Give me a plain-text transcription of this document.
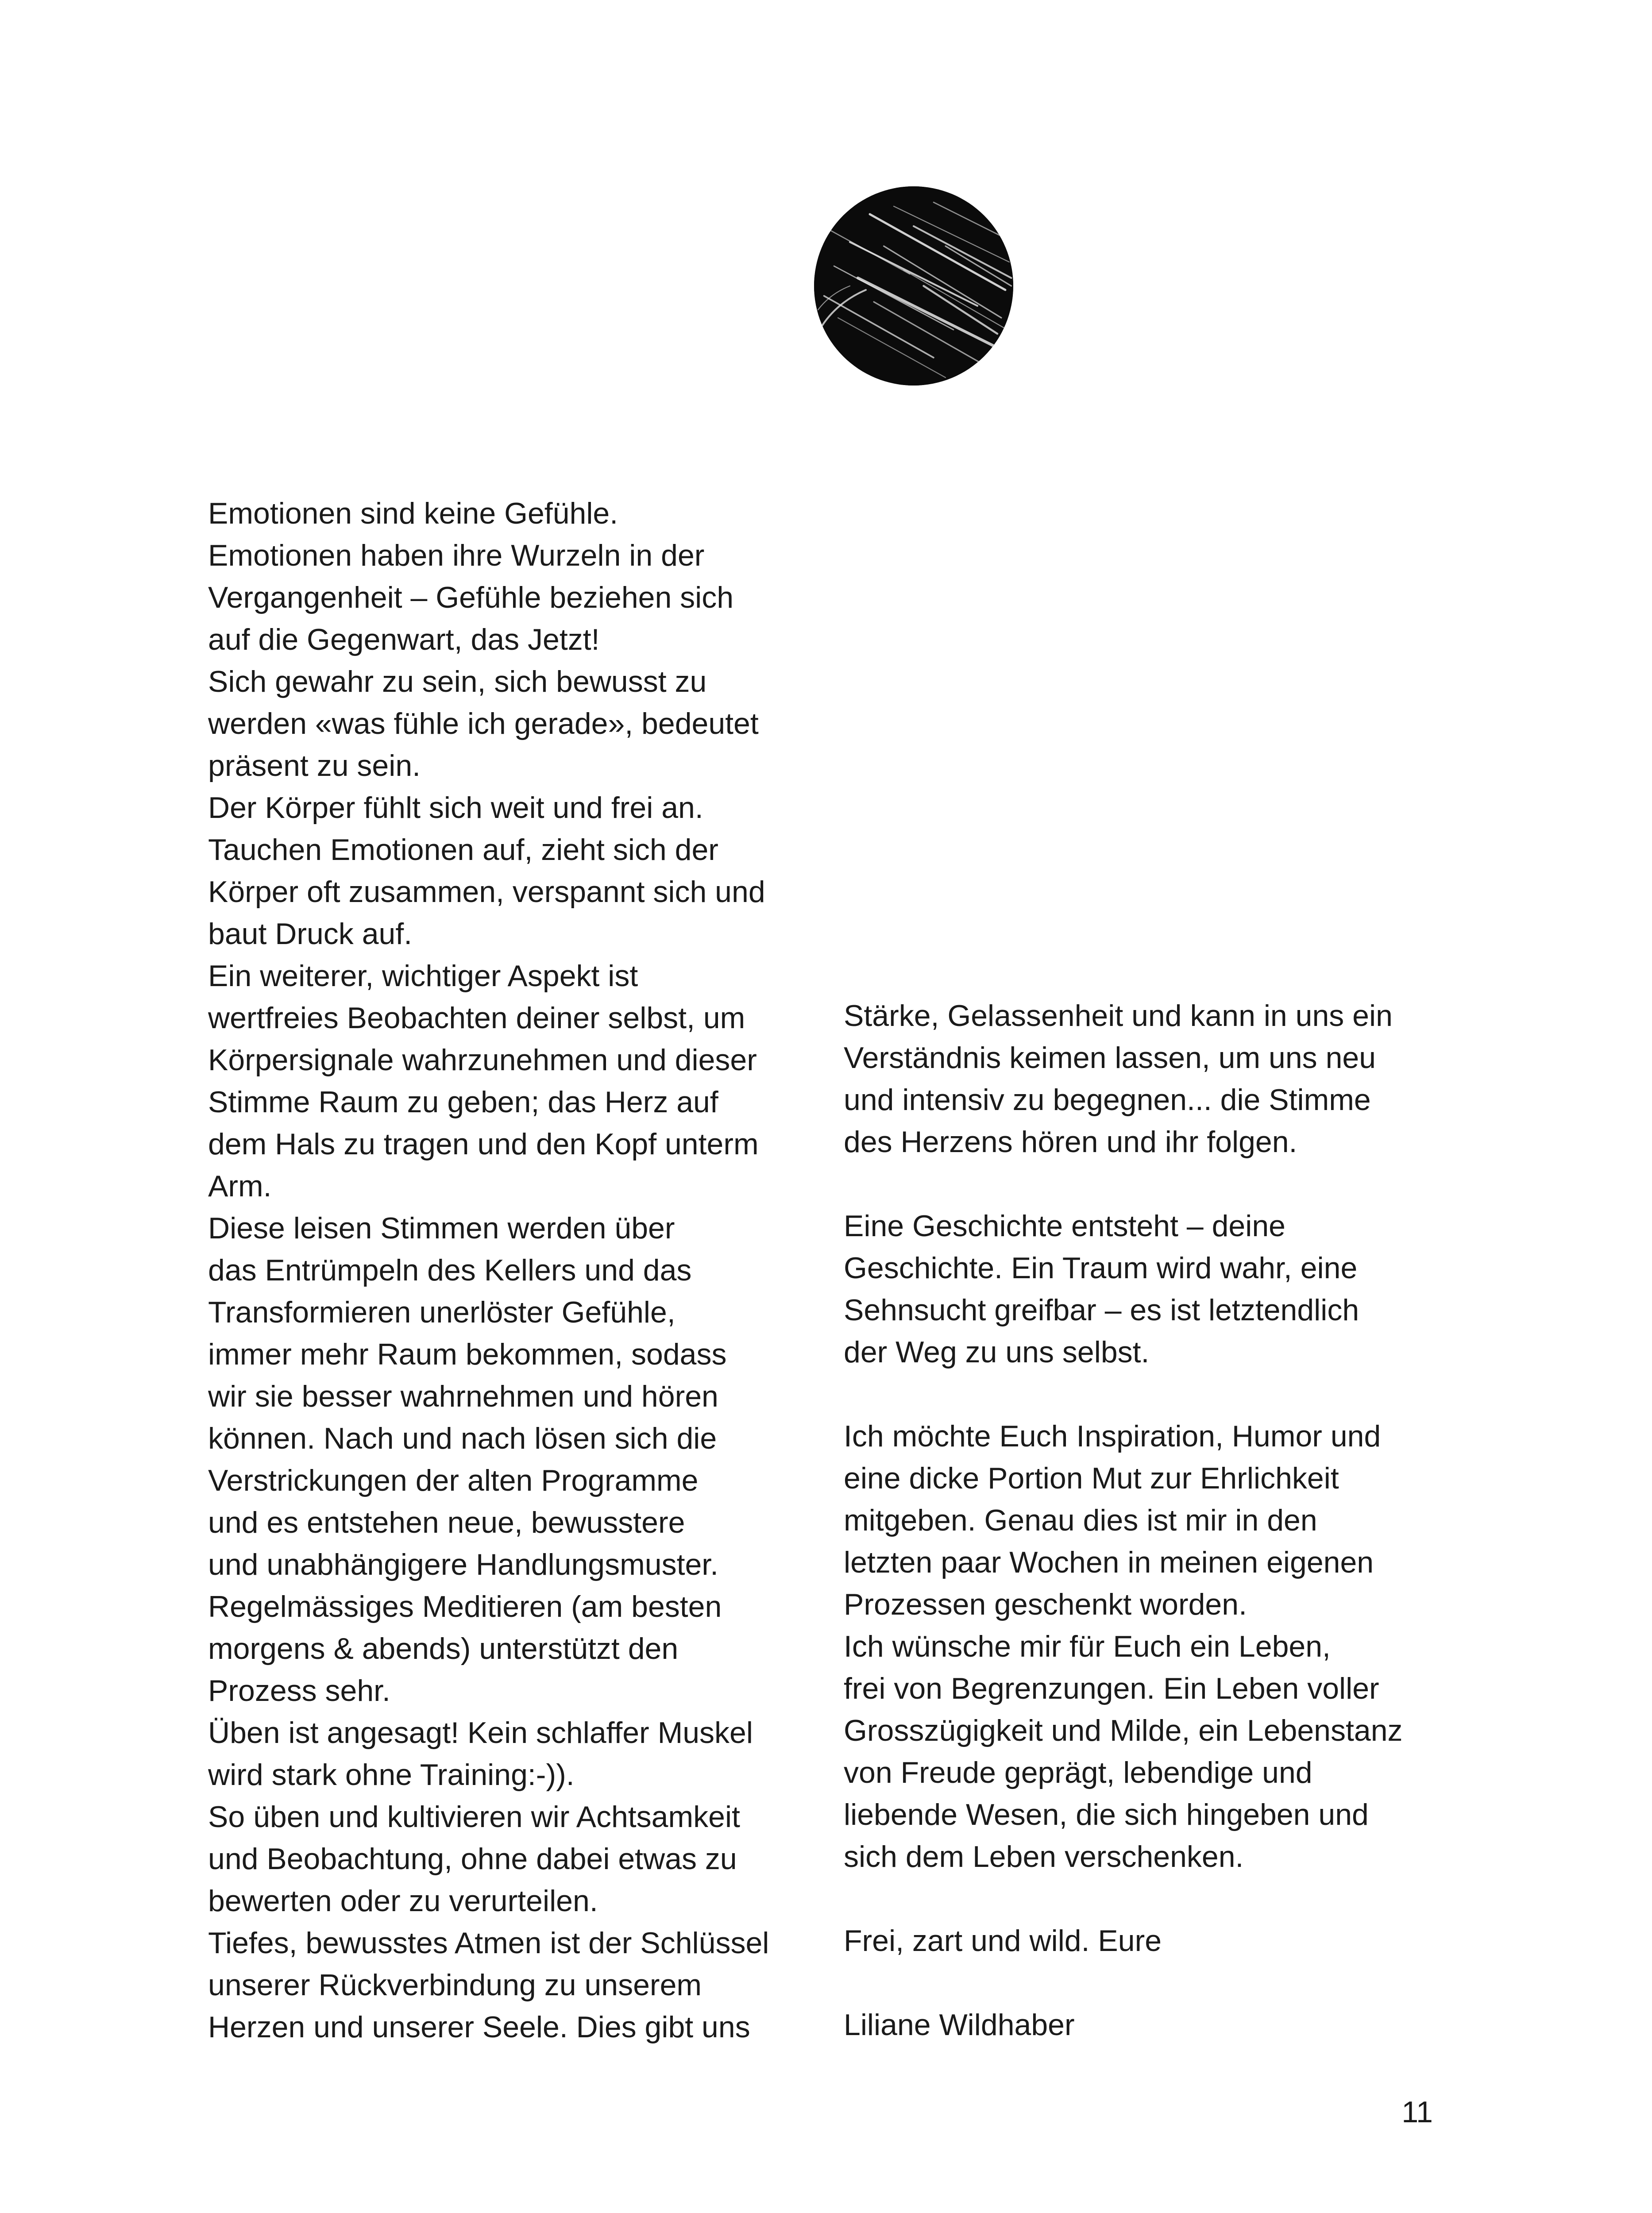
Emotionen sind keine Gefühle.

Emotionen haben ihre Wurzeln in der

Vergangenheit – Gefühle beziehen sich

auf die Gegenwart, das Jetzt!

Sich gewahr zu sein, sich bewusst zu

werden «was fühle ich gerade», bedeutet

präsent zu sein.

Der Körper fühlt sich weit und frei an.

Tauchen Emotionen auf, zieht sich der

Körper oft zusammen, verspannt sich und

baut Druck auf.

Ein weiterer, wichtiger Aspekt ist

wertfreies Beobachten deiner selbst, um

Körpersignale wahrzunehmen und dieser

Stimme Raum zu geben; das Herz auf

dem Hals zu tragen und den Kopf unterm

Arm.

Diese leisen Stimmen werden über

das Entrümpeln des Kellers und das

Transformieren unerlöster Gefühle,

immer mehr Raum bekommen, sodass

wir sie besser wahrnehmen und hören

können. Nach und nach lösen sich die

Verstrickungen der alten Programme

und es entstehen neue, bewusstere

und unabhängigere Handlungsmuster.

Regelmässiges Meditieren (am besten

morgens & abends) unterstützt den

Prozess sehr.

Üben ist angesagt! Kein schlaffer Muskel

wird stark ohne Training:-)).

So üben und kultivieren wir Achtsamkeit

und Beobachtung, ohne dabei etwas zu

bewerten oder zu verurteilen.

Tiefes, bewusstes Atmen ist der Schlüssel

unserer Rückverbindung zu unserem

Herzen und unserer Seele. Dies gibt uns

Stärke, Gelassenheit und kann in uns ein

Verständnis keimen lassen, um uns neu

und intensiv zu begegnen... die Stimme

des Herzens hören und ihr folgen.

Eine Geschichte entsteht – deine

Geschichte. Ein Traum wird wahr, eine

Sehnsucht greifbar – es ist letztendlich

der Weg zu uns selbst.

Ich möchte Euch Inspiration, Humor und

eine dicke Portion Mut zur Ehrlichkeit

mitgeben. Genau dies ist mir in den

letzten paar Wochen in meinen eigenen

Prozessen geschenkt worden.

Ich wünsche mir für Euch ein Leben,

frei von Begrenzungen. Ein Leben voller

Grosszügigkeit und Milde, ein Lebenstanz

von Freude geprägt, lebendige und

liebende Wesen, die sich hingeben und

sich dem Leben verschenken.

Frei, zart und wild. Eure

Liliane Wildhaber

11
